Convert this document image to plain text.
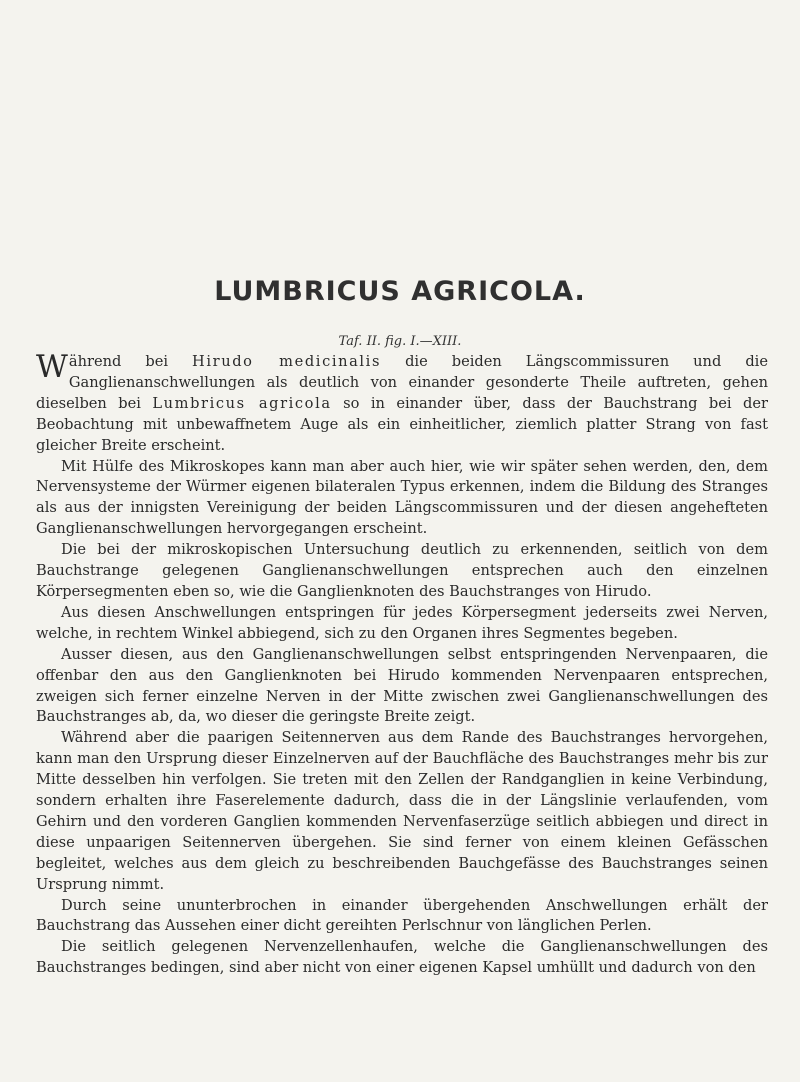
LUMBRICUS AGRICOLA.
Taf. II. fig. I.—XIII.

Während bei Hirudo medicinalis die beiden Längscommissuren und die Ganglienanschwellungen als deutlich von einander gesonderte Theile auftreten, gehen dieselben bei Lumbricus agricola so in einander über, dass der Bauchstrang bei der Beobachtung mit unbewaffnetem Auge als ein einheitlicher, ziemlich platter Strang von fast gleicher Breite erscheint.

Mit Hülfe des Mikroskopes kann man aber auch hier, wie wir später sehen werden, den, dem Nervensysteme der Würmer eigenen bilateralen Typus erkennen, indem die Bildung des Stranges als aus der innigsten Vereinigung der beiden Längscommissuren und der diesen angehefteten Ganglienanschwellungen hervorgegangen erscheint.

Die bei der mikroskopischen Untersuchung deutlich zu erkennenden, seitlich von dem Bauchstrange gelegenen Ganglienanschwellungen entsprechen auch den einzelnen Körpersegmenten eben so, wie die Ganglienknoten des Bauchstranges von Hirudo.

Aus diesen Anschwellungen entspringen für jedes Körpersegment jederseits zwei Nerven, welche, in rechtem Winkel abbiegend, sich zu den Organen ihres Segmentes begeben.

Ausser diesen, aus den Ganglienanschwellungen selbst entspringenden Nervenpaaren, die offenbar den aus den Ganglienknoten bei Hirudo kommenden Nervenpaaren entsprechen, zweigen sich ferner einzelne Nerven in der Mitte zwischen zwei Ganglienanschwellungen des Bauchstranges ab, da, wo dieser die geringste Breite zeigt.

Während aber die paarigen Seitennerven aus dem Rande des Bauchstranges hervorgehen, kann man den Ursprung dieser Einzelnerven auf der Bauchfläche des Bauchstranges mehr bis zur Mitte desselben hin verfolgen. Sie treten mit den Zellen der Randganglien in keine Verbindung, sondern erhalten ihre Faserelemente dadurch, dass die in der Längslinie verlaufenden, vom Gehirn und den vorderen Ganglien kommenden Nervenfaserzüge seitlich abbiegen und direct in diese unpaarigen Seitennerven übergehen. Sie sind ferner von einem kleinen Gefässchen begleitet, welches aus dem gleich zu beschreibenden Bauchgefässe des Bauchstranges seinen Ursprung nimmt.

Durch seine ununterbrochen in einander übergehenden Anschwellungen erhält der Bauchstrang das Aussehen einer dicht gereihten Perlschnur von länglichen Perlen.

Die seitlich gelegenen Nervenzellenhaufen, welche die Ganglienanschwellungen des Bauchstranges bedingen, sind aber nicht von einer eigenen Kapsel umhüllt und dadurch von den
